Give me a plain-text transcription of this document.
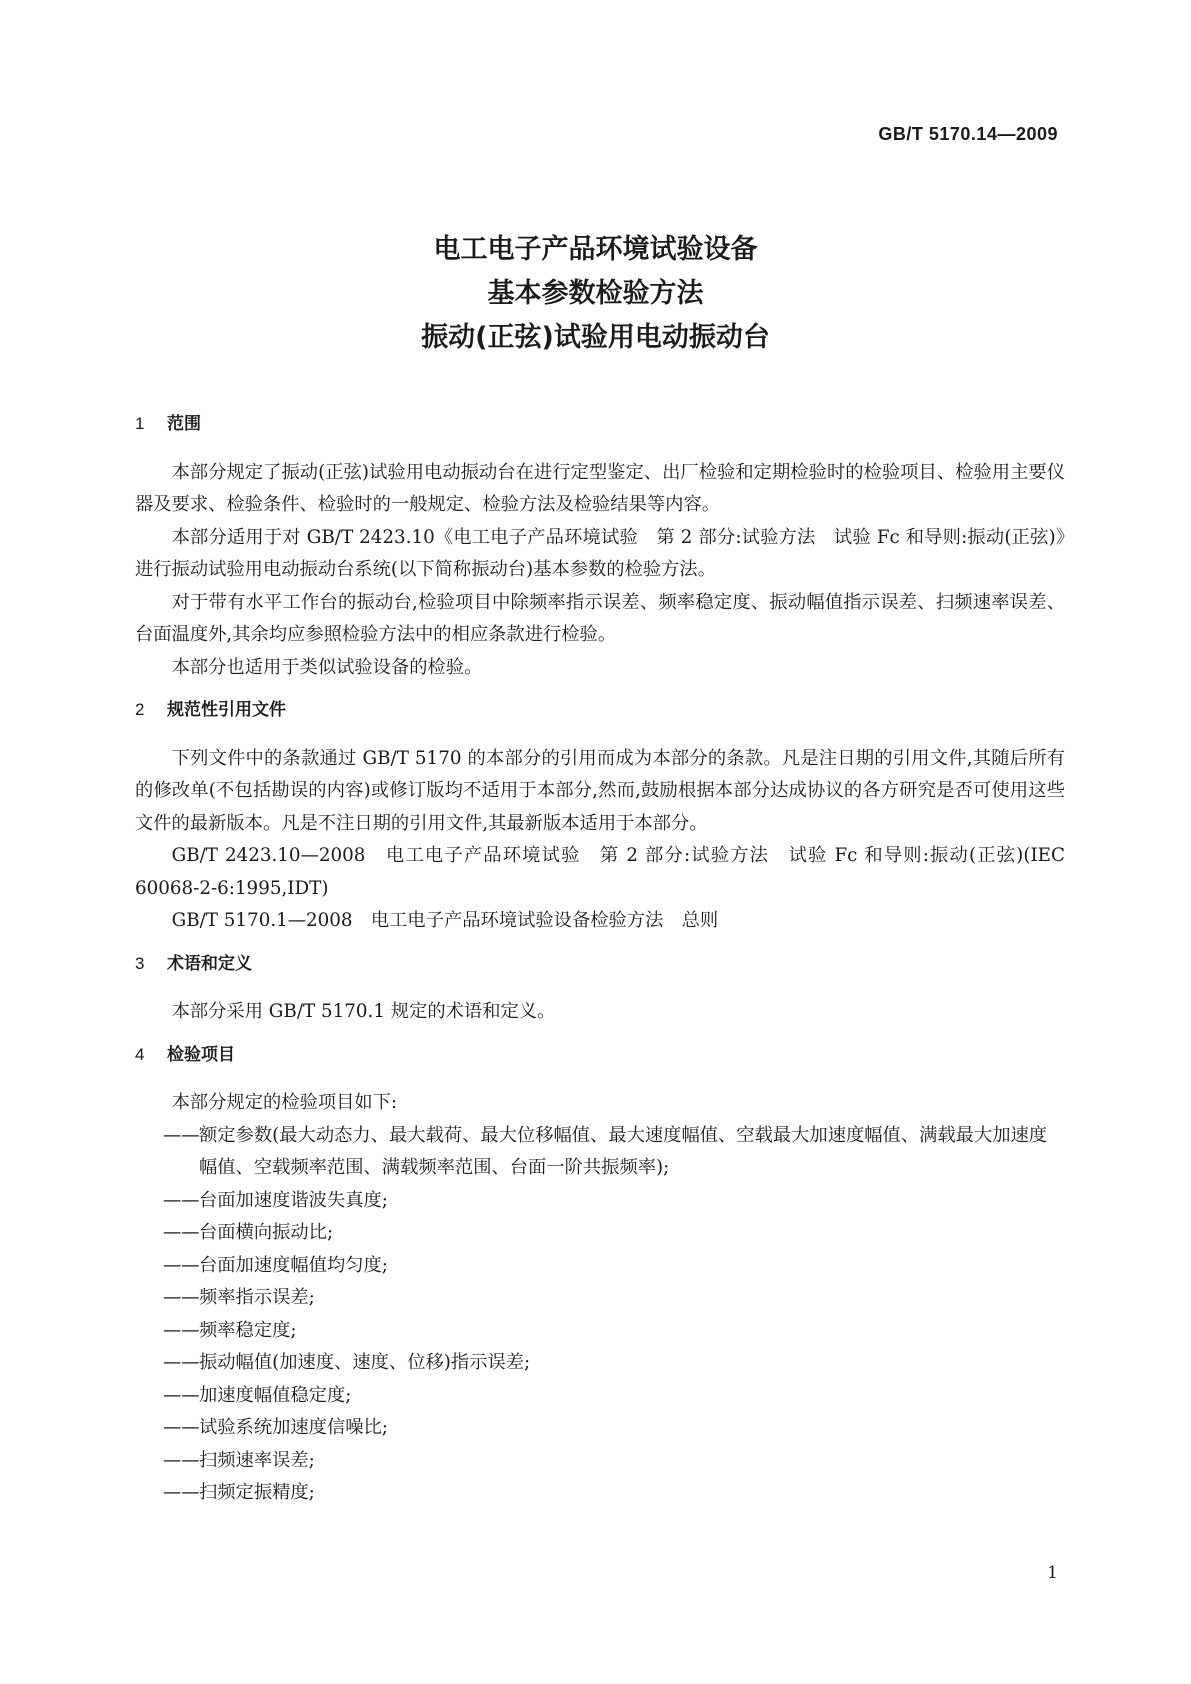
GB/T 5170.14—2009
电工电子产品环境试验设备
基本参数检验方法
振动(正弦)试验用电动振动台
1 范围

本部分规定了振动(正弦)试验用电动振动台在进行定型鉴定、出厂检验和定期检验时的检验项目、检验用主要仪器及要求、检验条件、检验时的一般规定、检验方法及检验结果等内容。

本部分适用于对 GB/T 2423.10《电工电子产品环境试验　第 2 部分:试验方法　试验 Fc 和导则:振动(正弦)》进行振动试验用电动振动台系统(以下简称振动台)基本参数的检验方法。

对于带有水平工作台的振动台,检验项目中除频率指示误差、频率稳定度、振动幅值指示误差、扫频速率误差、台面温度外,其余均应参照检验方法中的相应条款进行检验。

本部分也适用于类似试验设备的检验。

2 规范性引用文件

下列文件中的条款通过 GB/T 5170 的本部分的引用而成为本部分的条款。凡是注日期的引用文件,其随后所有的修改单(不包括勘误的内容)或修订版均不适用于本部分,然而,鼓励根据本部分达成协议的各方研究是否可使用这些文件的最新版本。凡是不注日期的引用文件,其最新版本适用于本部分。

GB/T 2423.10—2008　电工电子产品环境试验　第 2 部分:试验方法　试验 Fc 和导则:振动(正弦)(IEC 60068-2-6:1995,IDT)

GB/T 5170.1—2008　电工电子产品环境试验设备检验方法　总则

3 术语和定义

本部分采用 GB/T 5170.1 规定的术语和定义。

4 检验项目

本部分规定的检验项目如下:

——额定参数(最大动态力、最大载荷、最大位移幅值、最大速度幅值、空载最大加速度幅值、满载最大加速度幅值、空载频率范围、满载频率范围、台面一阶共振频率);
——台面加速度谐波失真度;
——台面横向振动比;
——台面加速度幅值均匀度;
——频率指示误差;
——频率稳定度;
——振动幅值(加速度、速度、位移)指示误差;
——加速度幅值稳定度;
——试验系统加速度信噪比;
——扫频速率误差;
——扫频定振精度;
1
